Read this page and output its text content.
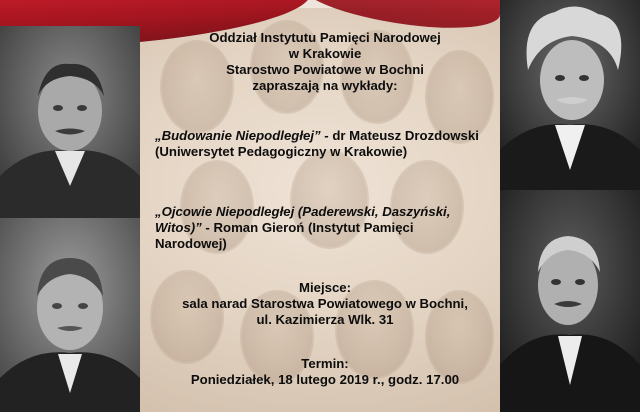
Oddział Instytutu Pamięci Narodowej
w Krakowie
Starostwo Powiatowe w Bochni
zapraszają na wykłady:
„Budowanie Niepodległej” - dr Mateusz Drozdowski
(Uniwersytet Pedagogiczny w Krakowie)
„Ojcowie Niepodległej (Paderewski, Daszyński,
Witos)” - Roman Gieroń (Instytut Pamięci
Narodowej)
Miejsce:
sala narad Starostwa Powiatowego w Bochni,
ul. Kazimierza Wlk. 31
Termin:
Poniedziałek, 18 lutego 2019 r., godz. 17.00
